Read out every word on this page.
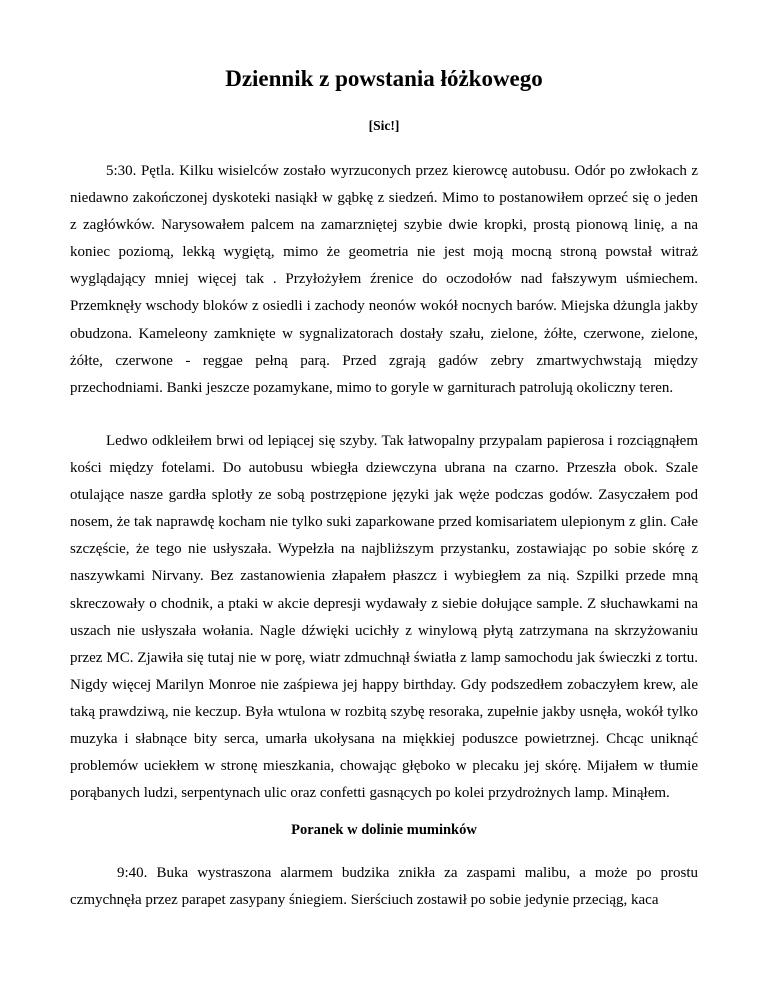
Dziennik z powstania łóżkowego
[Sic!]

5:30. Pętla. Kilku wisielców zostało wyrzuconych przez kierowcę autobusu. Odór po zwłokach z niedawno zakończonej dyskoteki nasiąkł w gąbkę z siedzeń. Mimo to postanowiłem oprzeć się o jeden z zagłówków. Narysowałem palcem na zamarzniętej szybie dwie kropki, prostą pionową linię, a na koniec poziomą, lekką wygiętą, mimo że geometria nie jest moją mocną stroną powstał witraż wyglądający mniej więcej tak . Przyłożyłem źrenice do oczodołów nad fałszywym uśmiechem. Przemknęły wschody bloków z osiedli i zachody neonów wokół nocnych barów. Miejska dżungla jakby obudzona. Kameleony zamknięte w sygnalizatorach dostały szału, zielone, żółte, czerwone, zielone, żółte, czerwone - reggae pełną parą. Przed zgrają gadów zebry zmartwychwstają między przechodniami. Banki jeszcze pozamykane, mimo to goryle w garniturach patrolują okoliczny teren.

Ledwo odkleiłem brwi od lepiącej się szyby. Tak łatwopalny przypalam papierosa i rozciągnąłem kości między fotelami. Do autobusu wbiegła dziewczyna ubrana na czarno. Przeszła obok. Szale otulające nasze gardła splotły ze sobą postrzępione języki jak węże podczas godów. Zasyczałem pod nosem, że tak naprawdę kocham nie tylko suki zaparkowane przed komisariatem ulepionym z glin. Całe szczęście, że tego nie usłyszała. Wypełzła na najbliższym przystanku, zostawiając po sobie skórę z naszywkami Nirvany. Bez zastanowienia złapałem płaszcz i wybiegłem za nią. Szpilki przede mną skreczowały o chodnik, a ptaki w akcie depresji wydawały z siebie dołujące sample. Z słuchawkami na uszach nie usłyszała wołania. Nagle dźwięki ucichły z winylową płytą zatrzymana na skrzyżowaniu przez MC. Zjawiła się tutaj nie w porę, wiatr zdmuchnął światła z lamp samochodu jak świeczki z tortu. Nigdy więcej Marilyn Monroe nie zaśpiewa jej happy birthday. Gdy podszedłem zobaczyłem krew, ale taką prawdziwą, nie keczup. Była wtulona w rozbitą szybę resoraka, zupełnie jakby usnęła, wokół tylko muzyka i słabnące bity serca, umarła ukołysana na miękkiej poduszce powietrznej. Chcąc uniknąć problemów uciekłem w stronę mieszkania, chowając głęboko w plecaku jej skórę. Mijałem w tłumie porąbanych ludzi, serpentynach ulic oraz confetti gasnących po kolei przydrożnych lamp. Minąłem.

Poranek w dolinie muminków

9:40. Buka wystraszona alarmem budzika znikła za zaspami malibu, a może po prostu czmychnęła przez parapet zasypany śniegiem. Sierściuch zostawił po sobie jedynie przeciąg, kaca
